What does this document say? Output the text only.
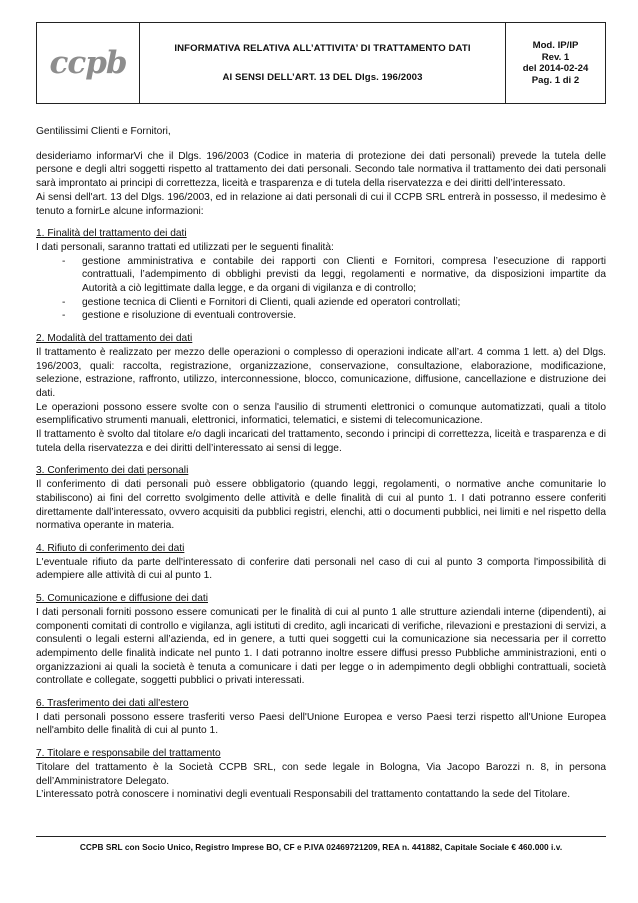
ccpb	INFORMATIVA RELATIVA ALL’ATTIVITA’ DI TRATTAMENTO DATI
AI SENSI DELL’ART. 13 DEL Dlgs. 196/2003
Mod. IP/IP
Rev. 1
del 2014-02-24
Pag. 1 di 2

Gentilissimi Clienti e Fornitori,

desideriamo informarVi che il Dlgs. 196/2003 (Codice in materia di protezione dei dati personali) prevede la tutela delle persone e degli altri soggetti rispetto al trattamento dei dati personali. Secondo tale normativa il trattamento dei dati personali sarà improntato ai principi di correttezza, liceità e trasparenza e di tutela della riservatezza e dei diritti dell’interessato.

Ai sensi dell'art. 13 del Dlgs. 196/2003, ed in relazione ai dati personali di cui il CCPB SRL entrerà in possesso, il medesimo è tenuto a fornirLe alcune informazioni:

1. Finalità del trattamento dei dati

I dati personali, saranno trattati ed utilizzati per le seguenti finalità:

- gestione amministrativa e contabile dei rapporti con Clienti e Fornitori, compresa l’esecuzione di rapporti contrattuali, l’adempimento di obblighi previsti da leggi, regolamenti e normative, da disposizioni impartite da Autorità a ciò legittimate dalla legge, e da organi di vigilanza e di controllo;
- gestione tecnica di Clienti e Fornitori di Clienti, quali aziende ed operatori controllati;
- gestione e risoluzione di eventuali controversie.

2. Modalità del trattamento dei dati

Il trattamento è realizzato per mezzo delle operazioni o complesso di operazioni indicate all’art. 4 comma 1 lett. a) del Dlgs. 196/2003, quali: raccolta, registrazione, organizzazione, conservazione, consultazione, elaborazione, modificazione, selezione, estrazione, raffronto, utilizzo, interconnessione, blocco, comunicazione, diffusione, cancellazione e distruzione dei dati.

Le operazioni possono essere svolte con o senza l'ausilio di strumenti elettronici o comunque automatizzati, quali a titolo esemplificativo strumenti manuali, elettronici, informatici, telematici, e sistemi di telecomunicazione.

Il trattamento è svolto dal titolare e/o dagli incaricati del trattamento, secondo i principi di correttezza, liceità e trasparenza e di tutela della riservatezza e dei diritti dell’interessato ai sensi di legge.

3. Conferimento dei dati personali

Il conferimento di dati personali può essere obbligatorio (quando leggi, regolamenti, o normative anche comunitarie lo stabiliscono) ai fini del corretto svolgimento delle attività e delle finalità di cui al punto 1. I dati potranno essere conferiti direttamente dall’interessato, ovvero acquisiti da pubblici registri, elenchi, atti o documenti pubblici, nei limiti e nel rispetto della normativa operante in materia.

4. Rifiuto di conferimento dei dati

L'eventuale rifiuto da parte dell'interessato di conferire dati personali nel caso di cui al punto 3 comporta l'impossibilità di adempiere alle attività di cui al punto 1.

5. Comunicazione e diffusione dei dati

I dati personali forniti possono essere comunicati per le finalità di cui al punto 1 alle strutture aziendali interne (dipendenti), ai componenti comitati di controllo e vigilanza, agli istituti di credito, agli incaricati di verifiche, rilevazioni e prestazioni di servizi, a consulenti o legali esterni all’azienda, ed in genere, a tutti quei soggetti cui la comunicazione sia necessaria per il corretto adempimento delle finalità indicate nel punto 1. I dati potranno inoltre essere diffusi presso Pubbliche amministrazioni, enti o organizzazioni ai quali la società è tenuta a comunicare i dati per legge o in adempimento degli obblighi contrattuali, società controllate e collegate, soggetti pubblici o privati interessati.

6. Trasferimento dei dati all'estero

I dati personali possono essere trasferiti verso Paesi dell'Unione Europea e verso Paesi terzi rispetto all'Unione Europea nell'ambito delle finalità di cui al punto 1.

7. Titolare e responsabile del trattamento

Titolare del trattamento è la Società CCPB SRL, con sede legale in Bologna, Via Jacopo Barozzi n. 8, in persona dell’Amministratore Delegato.

L’interessato potrà conoscere i nominativi degli eventuali Responsabili del trattamento contattando la sede del Titolare.

CCPB SRL con Socio Unico, Registro Imprese BO, CF e P.IVA 02469721209, REA n. 441882, Capitale Sociale € 460.000 i.v.
